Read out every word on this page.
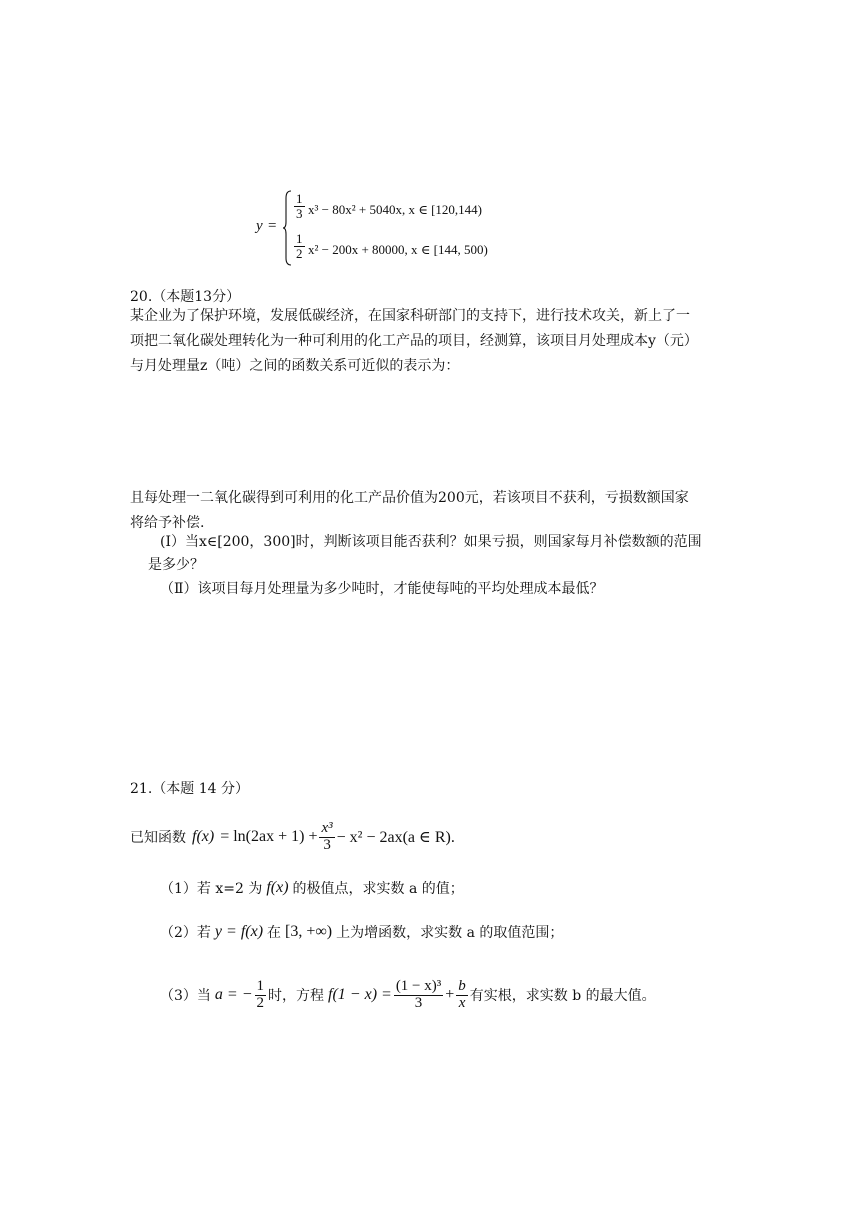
y =
$\frac{1}{3} x^3 - 80x^2 + 5040x$, x ∈ [120,144)
$\frac{1}{2} x^2 - 200x + 80000$, x ∈ [144, 500)
20.（本题13分）
某企业为了保护环境，发展低碳经济，在国家科研部门的支持下，进行技术攻关，新上了一
项把二氧化碳处理转化为一种可利用的化工产品的项目，经测算，该项目月处理成本y（元）
与月处理量z（吨）之间的函数关系可近似的表示为：
且每处理一二氧化碳得到可利用的化工产品价值为200元，若该项目不获利，亏损数额国家
将给予补偿.
(Ⅰ）当x∈[200，300]时，判断该项目能否获利？如果亏损，则国家每月补偿数额的范围
是多少？
（Ⅱ）该项目每月处理量为多少吨时，才能使每吨的平均处理成本最低？
21.（本题 14 分）
已知函数 $f(x) = \ln(2ax + 1) + \frac{\text{x³}}{3} - x^2 - 2ax(a$ ∈ R).
（1）若 x=2 为 f(x) 的极值点，求实数 a 的值；
（2）若 y = f(x) 在 [3, +∞) 上为增函数，求实数 a 的取值范围；
（3）当 a = − $\frac{1}{2}$ 时，方程 $f(1 - x) = \frac{\text{(1 − x)³}}{3} + \frac{b}{x}$ 有实根，求实数 b 的最大值。
